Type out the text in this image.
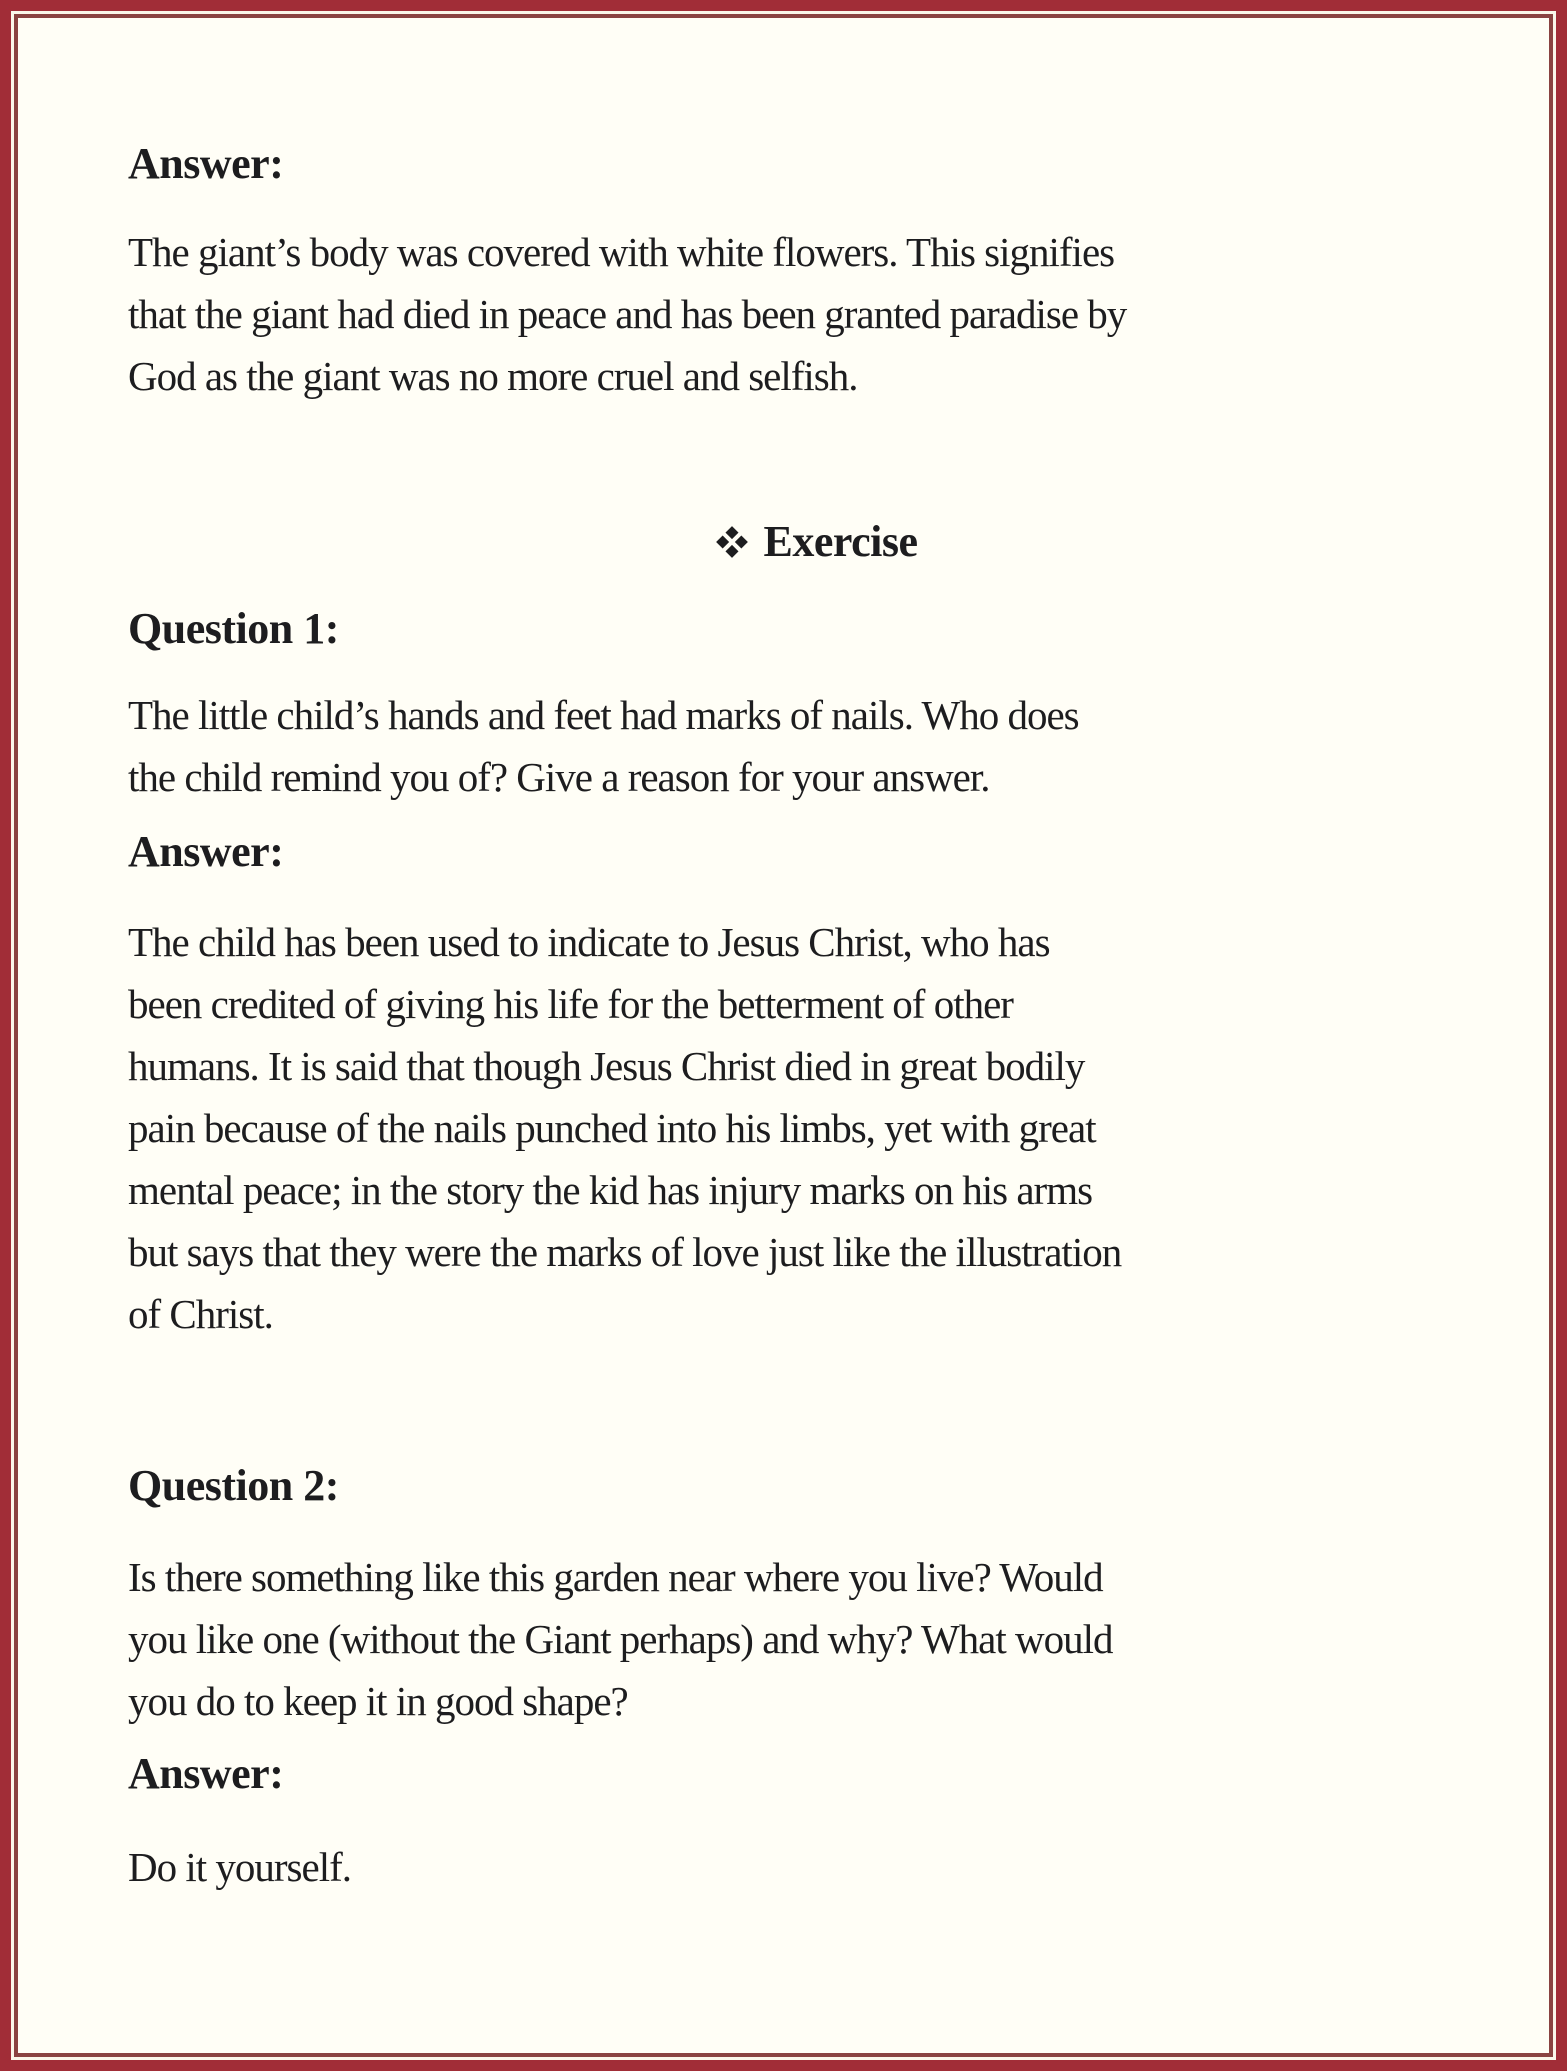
Answer:
The giant’s body was covered with white flowers. This signifies
that the giant had died in peace and has been granted paradise by
God as the giant was no more cruel and selfish.
Exercise
Question 1:
The little child’s hands and feet had marks of nails. Who does
the child remind you of? Give a reason for your answer.
Answer:
The child has been used to indicate to Jesus Christ, who has
been credited of giving his life for the betterment of other
humans. It is said that though Jesus Christ died in great bodily
pain because of the nails punched into his limbs, yet with great
mental peace; in the story the kid has injury marks on his arms
but says that they were the marks of love just like the illustration
of Christ.
Question 2:
Is there something like this garden near where you live? Would
you like one (without the Giant perhaps) and why? What would
you do to keep it in good shape?
Answer:
Do it yourself.
